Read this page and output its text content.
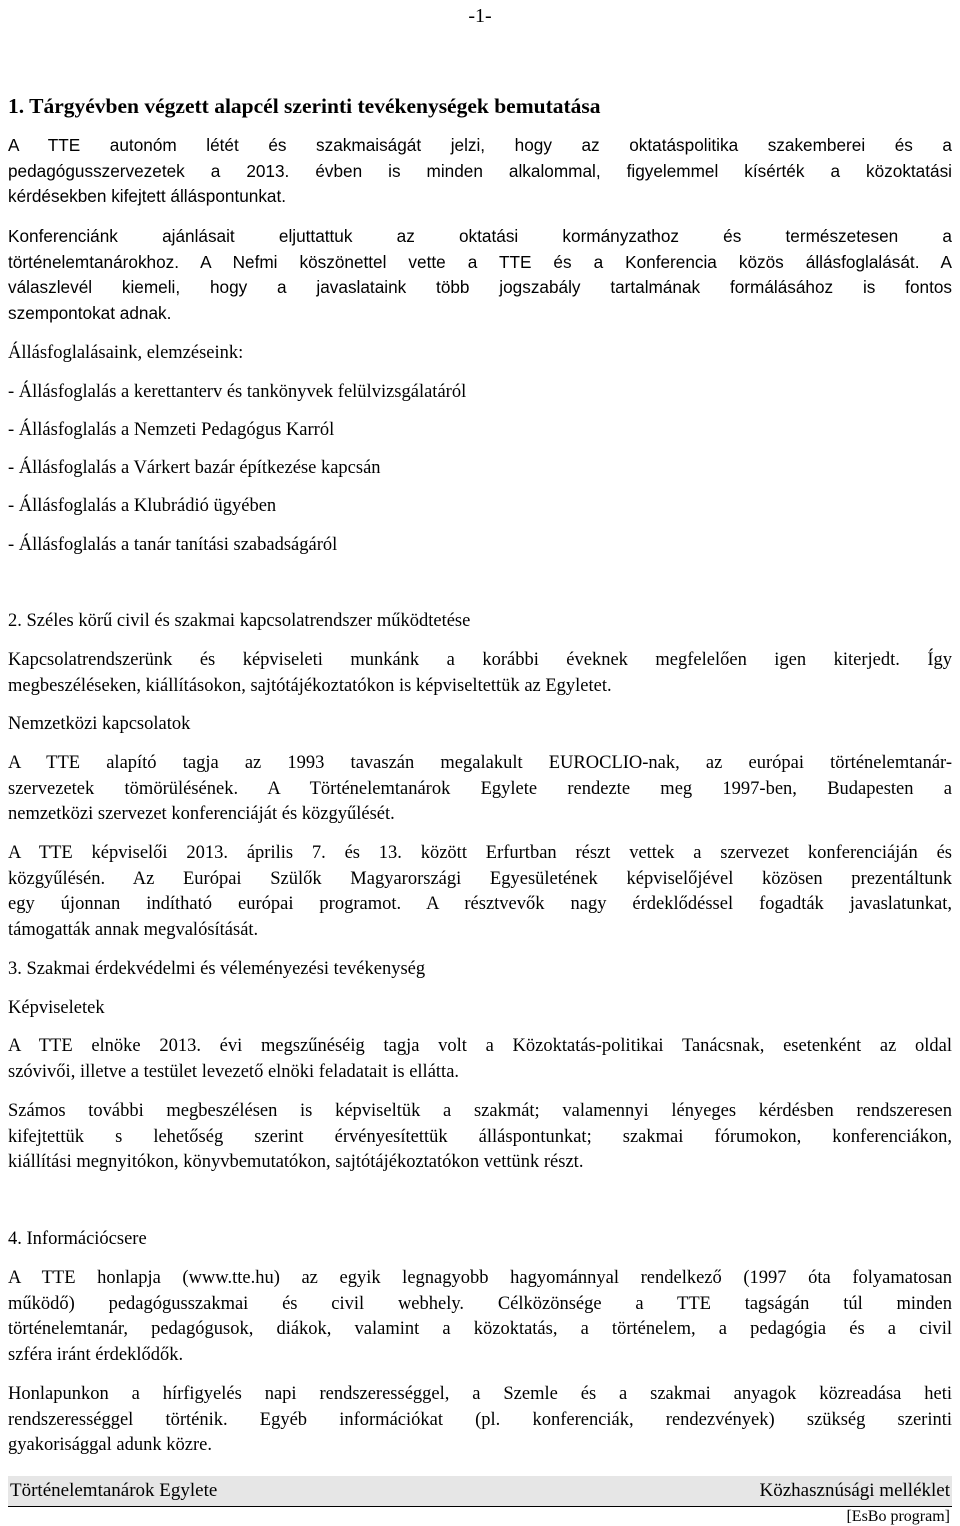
-1-
1. Tárgyévben végzett alapcél szerinti tevékenységek bemutatása
A TTE autonóm létét és szakmaiságát jelzi, hogy az oktatáspolitika szakemberei és a
pedagógusszervezetek a 2013. évben is minden alkalommal, figyelemmel kísérték a közoktatási
kérdésekben kifejtett álláspontunkat.
Konferenciánk ajánlásait eljuttattuk az oktatási kormányzathoz és természetesen a
történelemtanárokhoz. A Nefmi köszönettel vette a TTE és a Konferencia közös állásfoglalását. A
válaszlevél kiemeli, hogy a javaslataink több jogszabály tartalmának formálásához is fontos
szempontokat adnak.
Állásfoglalásaink, elemzéseink:
- Állásfoglalás a kerettanterv és tankönyvek felülvizsgálatáról
- Állásfoglalás a Nemzeti Pedagógus Karról
- Állásfoglalás a Várkert bazár építkezése kapcsán
- Állásfoglalás a Klubrádió ügyében
- Állásfoglalás a tanár tanítási szabadságáról
2. Széles körű civil és szakmai kapcsolatrendszer működtetése
Kapcsolatrendszerünk és képviseleti munkánk a korábbi éveknek megfelelően igen kiterjedt. Így
megbeszéléseken, kiállításokon, sajtótájékoztatókon is képviseltettük az Egyletet.
Nemzetközi kapcsolatok
A TTE alapító tagja az 1993 tavaszán megalakult EUROCLIO-nak, az európai történelemtanár-
szervezetek tömörülésének. A Történelemtanárok Egylete rendezte meg 1997-ben, Budapesten a
nemzetközi szervezet konferenciáját és közgyűlését.
A TTE képviselői 2013. április 7. és 13. között Erfurtban részt vettek a szervezet konferenciáján és
közgyűlésén. Az Európai Szülők Magyarországi Egyesületének képviselőjével közösen prezentáltunk
egy újonnan indítható európai programot. A résztvevők nagy érdeklődéssel fogadták javaslatunkat,
támogatták annak megvalósítását.
3. Szakmai érdekvédelmi és véleményezési tevékenység
Képviseletek
A TTE elnöke 2013. évi megszűnéséig tagja volt a Közoktatás-politikai Tanácsnak, esetenként az oldal
szóvivői, illetve a testület levezető elnöki feladatait is ellátta.
Számos további megbeszélésen is képviseltük a szakmát; valamennyi lényeges kérdésben rendszeresen
kifejtettük s lehetőség szerint érvényesítettük álláspontunkat; szakmai fórumokon, konferenciákon,
kiállítási megnyitókon, könyvbemutatókon, sajtótájékoztatókon vettünk részt.
4. Információcsere
A TTE honlapja (www.tte.hu) az egyik legnagyobb hagyománnyal rendelkező (1997 óta folyamatosan
működő) pedagógusszakmai és civil webhely. Célközönsége a TTE tagságán túl minden
történelemtanár, pedagógusok, diákok, valamint a közoktatás, a történelem, a pedagógia és a civil
szféra iránt érdeklődők.
Honlapunkon a hírfigyelés napi rendszerességgel, a Szemle és a szakmai anyagok közreadása heti
rendszerességgel történik. Egyéb információkat (pl. konferenciák, rendezvények) szükség szerinti
gyakorisággal adunk közre.
Történelemtanárok Egylete	Közhasznúsági melléklet
[EsBo program]
